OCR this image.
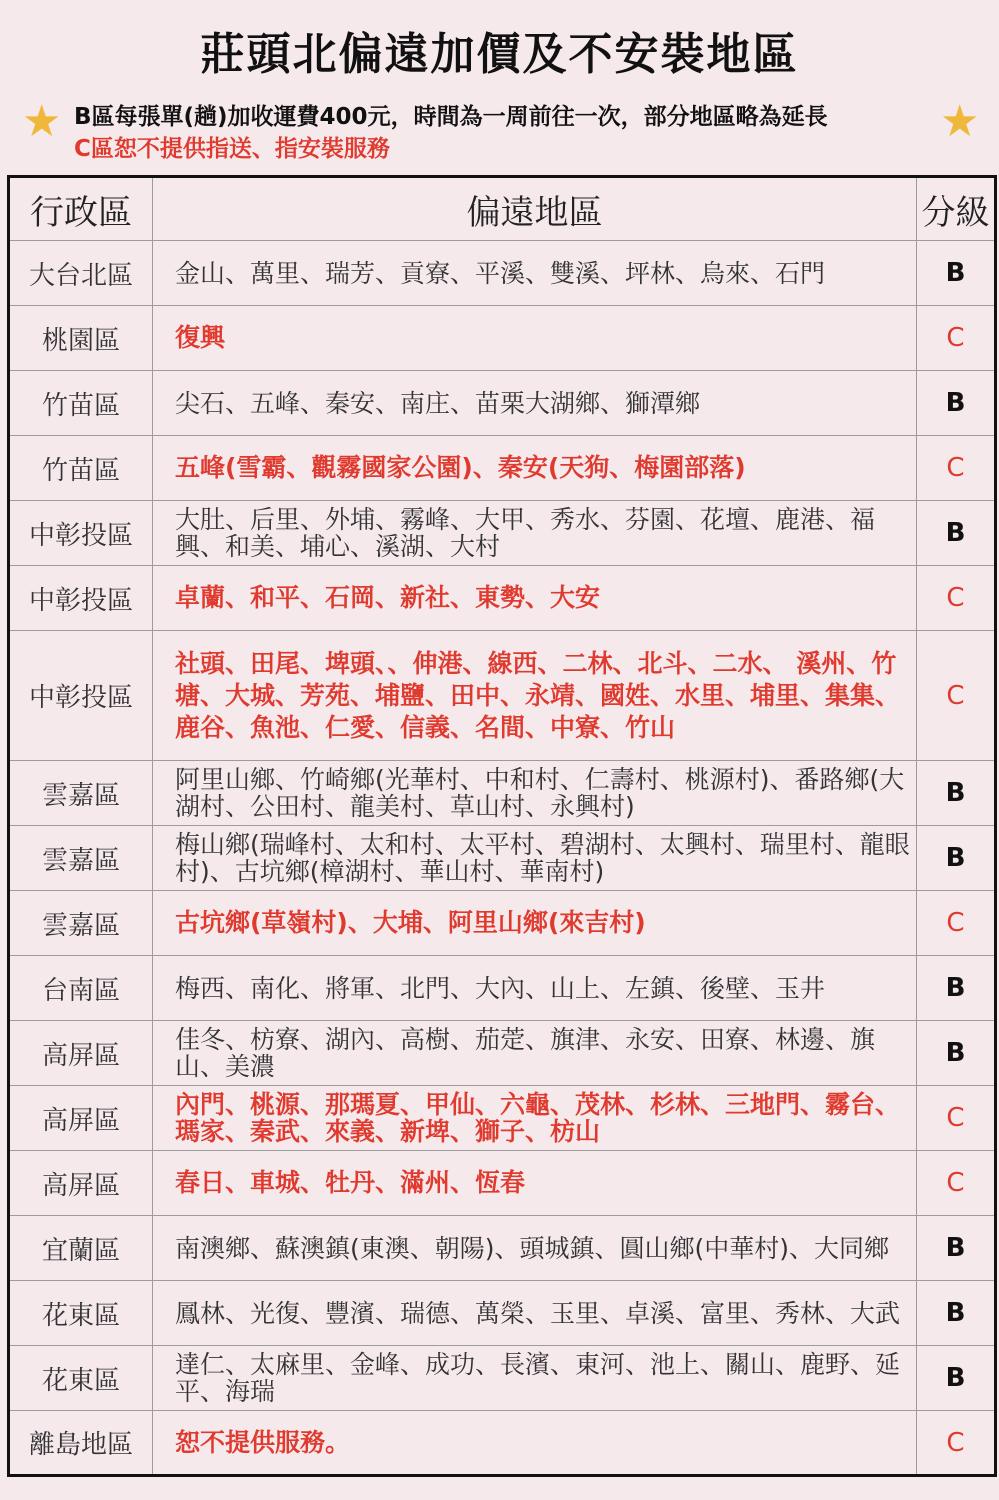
莊頭北偏遠加價及不安裝地區
★	★
B區每張單(趟)加收運費400元，時間為一周前往一次，部分地區略為延長
C區恕不提供指送、指安裝服務
行政區	偏遠地區	分級
大台北區	金山、萬里、瑞芳、貢寮、平溪、雙溪、坪林、烏來、石門	B
桃園區	復興	C
竹苗區	尖石、五峰、秦安、南庄、苗栗大湖鄉、獅潭鄉	B
竹苗區	五峰(雪霸、觀霧國家公園)、秦安(天狗、梅園部落)	C
中彰投區	大肚、后里、外埔、霧峰、大甲、秀水、芬園、花壇、鹿港、福興、和美、埔心、溪湖、大村	B
中彰投區	卓蘭、和平、石岡、新社、東勢、大安	C
中彰投區	社頭、田尾、埤頭、、伸港、線西、二林、北斗、二水、 溪州、竹塘、大城、芳苑、埔鹽、田中、永靖、國姓、水里、埔里、集集、鹿谷、魚池、仁愛、信義、名間、中寮、竹山	C
雲嘉區	阿里山鄉、竹崎鄉(光華村、中和村、仁壽村、桃源村)、番路鄉(大湖村、公田村、龍美村、草山村、永興村)	B
雲嘉區	梅山鄉(瑞峰村、太和村、太平村、碧湖村、太興村、瑞里村、龍眼村)、古坑鄉(樟湖村、華山村、華南村)	B
雲嘉區	古坑鄉(草嶺村)、大埔、阿里山鄉(來吉村)	C
台南區	梅西、南化、將軍、北門、大內、山上、左鎮、後壁、玉井	B
高屏區	佳冬、枋寮、湖內、高樹、茄萣、旗津、永安、田寮、林邊、旗山、美濃	B
高屏區	內門、桃源、那瑪夏、甲仙、六龜、茂林、杉林、三地門、霧台、瑪家、秦武、來義、新埤、獅子、枋山	C
高屏區	春日、車城、牡丹、滿州、恆春	C
宜蘭區	南澳鄉、蘇澳鎮(東澳、朝陽)、頭城鎮、圓山鄉(中華村)、大同鄉	B
花東區	鳳林、光復、豐濱、瑞德、萬榮、玉里、卓溪、富里、秀林、大武	B
花東區	達仁、太麻里、金峰、成功、長濱、東河、池上、關山、鹿野、延平、海瑞	B
離島地區	恕不提供服務。	C
